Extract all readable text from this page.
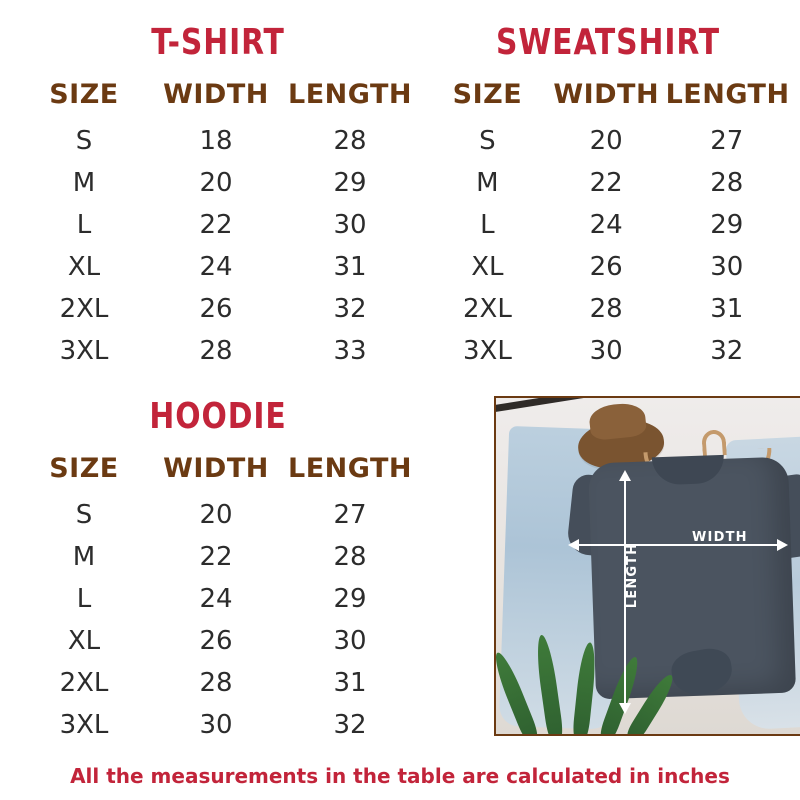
T-SHIRT
SIZE	WIDTH	LENGTH
S	18	28
M	20	29
L	22	30
XL	24	31
2XL	26	32
3XL	28	33
SWEATSHIRT
SIZE	WIDTH	LENGTH
S	20	27
M	22	28
L	24	29
XL	26	30
2XL	28	31
3XL	30	32
HOODIE
SIZE	WIDTH	LENGTH
S	20	27
M	22	28
L	24	29
XL	26	30
2XL	28	31
3XL	30	32
WIDTH
LENGTH
All the measurements in the table are calculated in inches
